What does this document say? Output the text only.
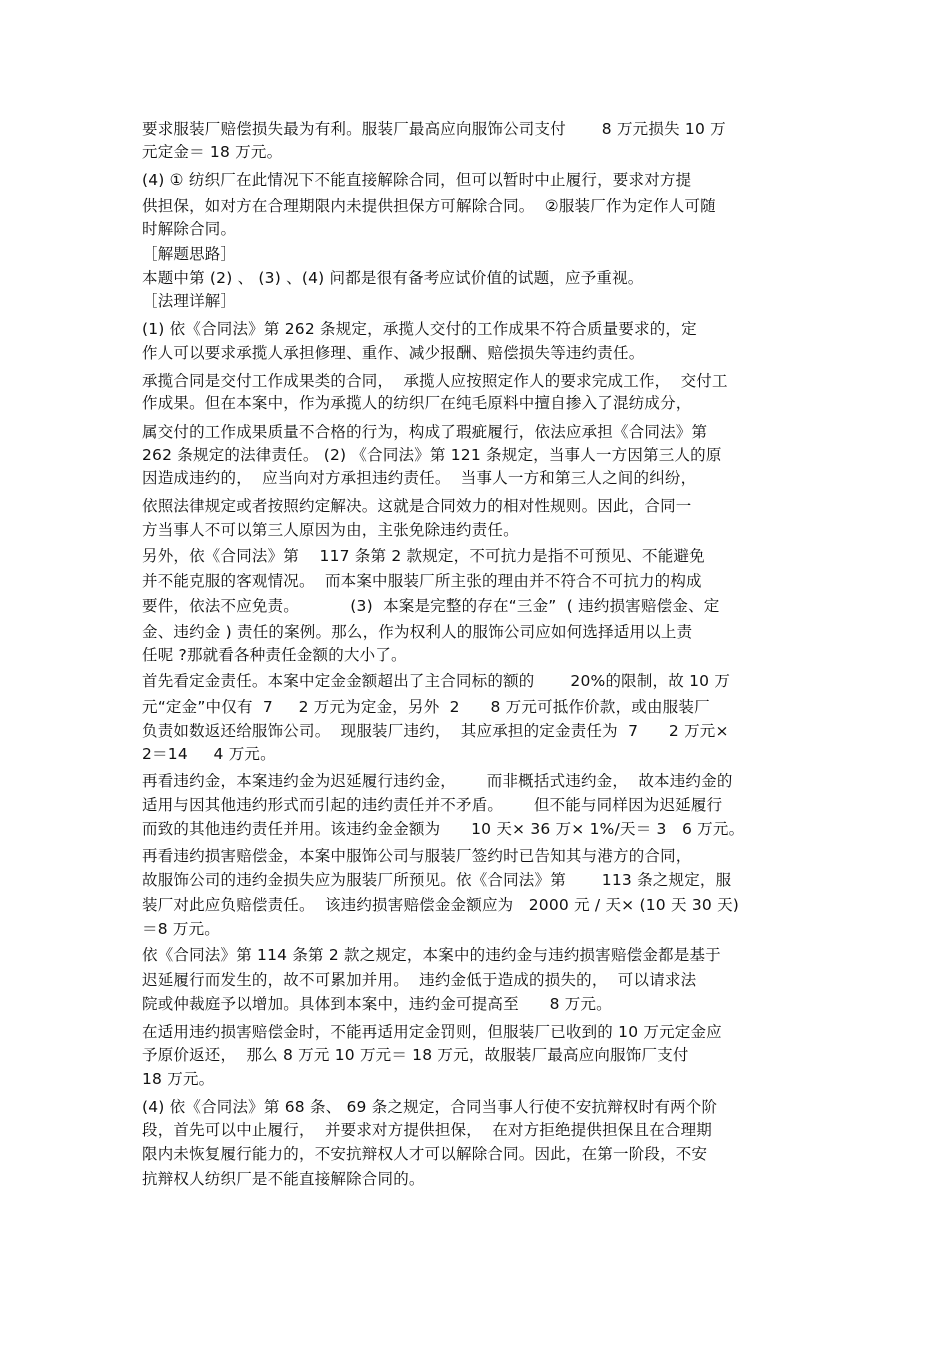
要求服装厂赔偿损失最为有利。服装厂最高应向服饰公司支付       8 万元损失 10 万
元定金＝ 18 万元。
(4) ① 纺织厂在此情况下不能直接解除合同，但可以暂时中止履行，要求对方提
供担保，如对方在合理期限内未提供担保方可解除合同。  ②服装厂作为定作人可随
时解除合同。
［解题思路］
本题中第 (2) 、 (3) 、(4) 问都是很有备考应试价值的试题，应予重视。
［法理详解］
(1) 依《合同法》第 262 条规定，承揽人交付的工作成果不符合质量要求的，定
作人可以要求承揽人承担修理、重作、减少报酬、赔偿损失等违约责任。
承揽合同是交付工作成果类的合同，  承揽人应按照定作人的要求完成工作，  交付工
作成果。但在本案中，作为承揽人的纺织厂在纯毛原料中擅自掺入了混纺成分，
属交付的工作成果质量不合格的行为，构成了瑕疵履行，依法应承担《合同法》第
262 条规定的法律责任。 (2) 《合同法》第 121 条规定，当事人一方因第三人的原
因造成违约的，  应当向对方承担违约责任。  当事人一方和第三人之间的纠纷，
依照法律规定或者按照约定解决。这就是合同效力的相对性规则。因此，合同一
方当事人不可以第三人原因为由，主张免除违约责任。
另外，依《合同法》第    117 条第 2 款规定，不可抗力是指不可预见、不能避免
并不能克服的客观情况。  而本案中服装厂所主张的理由并不符合不可抗力的构成
要件，依法不应免责。          (3)  本案是完整的存在“三金”  ( 违约损害赔偿金、定
金、违约金 ) 责任的案例。那么，作为权利人的服饰公司应如何选择适用以上责
任呢 ?那就看各种责任金额的大小了。
首先看定金责任。本案中定金金额超出了主合同标的额的       20%的限制，故 10 万
元“定金”中仅有  7     2 万元为定金，另外  2      8 万元可抵作价款，或由服装厂
负责如数返还给服饰公司。  现服装厂违约，  其应承担的定金责任为  7      2 万元×
2＝14     4 万元。
再看违约金，本案违约金为迟延履行违约金，      而非概括式违约金，  故本违约金的
适用与因其他违约形式而引起的违约责任并不矛盾。      但不能与同样因为迟延履行
而致的其他违约责任并用。该违约金金额为      10 天× 36 万× 1%/天＝ 3   6 万元。
再看违约损害赔偿金，本案中服饰公司与服装厂签约时已告知其与港方的合同，
故服饰公司的违约金损失应为服装厂所预见。依《合同法》第       113 条之规定，服
装厂对此应负赔偿责任。  该违约损害赔偿金金额应为   2000 元 / 天× (10 天 30 天)
＝8 万元。
依《合同法》第 114 条第 2 款之规定，本案中的违约金与违约损害赔偿金都是基于
迟延履行而发生的，故不可累加并用。  违约金低于造成的损失的，  可以请求法
院或仲裁庭予以增加。具体到本案中，违约金可提高至      8 万元。
在适用违约损害赔偿金时，不能再适用定金罚则，但服装厂已收到的 10 万元定金应
予原价返还，  那么 8 万元 10 万元＝ 18 万元，故服装厂最高应向服饰厂支付
18 万元。
(4) 依《合同法》第 68 条、 69 条之规定，合同当事人行使不安抗辩权时有两个阶
段，首先可以中止履行，  并要求对方提供担保，  在对方拒绝提供担保且在合理期
限内未恢复履行能力的，不安抗辩权人才可以解除合同。因此，在第一阶段，不安
抗辩权人纺织厂是不能直接解除合同的。
